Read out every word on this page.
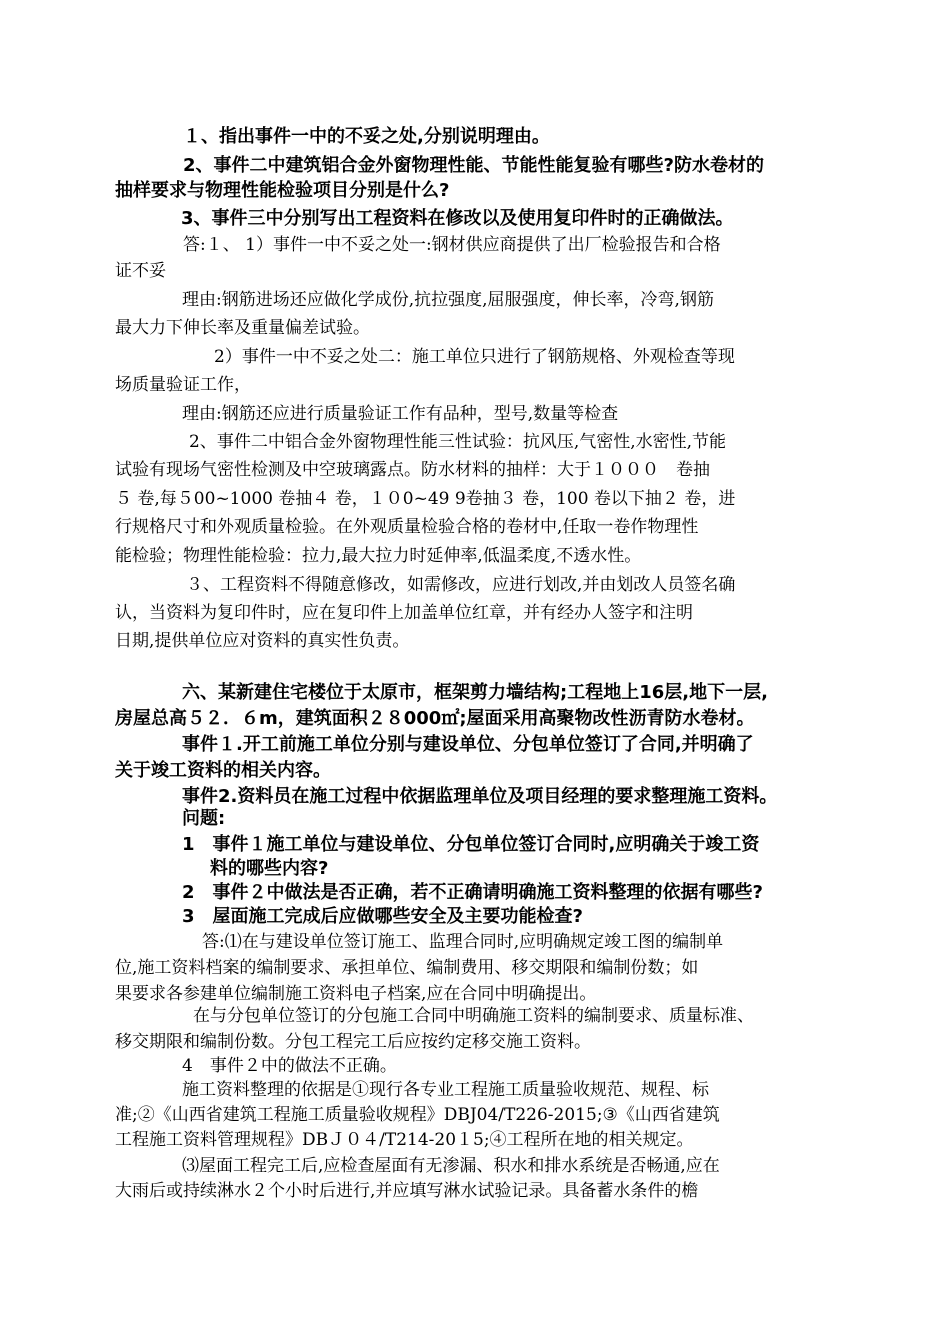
１、指出事件一中的不妥之处,分别说明理由。
2、事件二中建筑铝合金外窗物理性能、节能性能复验有哪些?防水卷材的
抽样要求与物理性能检验项目分别是什么?
3、事件三中分别写出工程资料在修改以及使用复印件时的正确做法。
答:１、 1）事件一中不妥之处一:钢材供应商提供了出厂检验报告和合格
证不妥
理由:钢筋进场还应做化学成份,抗拉强度,屈服强度，伸长率，冷弯,钢筋
最大力下伸长率及重量偏差试验。
2）事件一中不妥之处二：施工单位只进行了钢筋规格、外观检查等现
场质量验证工作，
理由:钢筋还应进行质量验证工作有品种，型号,数量等检查
2、事件二中铝合金外窗物理性能三性试验：抗风压,气密性,水密性,节能
试验有现场气密性检测及中空玻璃露点。防水材料的抽样：大于１０００　卷抽
５ 卷,每５00~1000 卷抽４ 卷，１０0~49 9卷抽３ 卷，100 卷以下抽２ 卷，进
行规格尺寸和外观质量检验。在外观质量检验合格的卷材中,任取一卷作物理性
能检验；物理性能检验：拉力,最大拉力时延伸率,低温柔度,不透水性。
３、工程资料不得随意修改，如需修改，应进行划改,并由划改人员签名确
认，当资料为复印件时，应在复印件上加盖单位红章，并有经办人签字和注明
日期,提供单位应对资料的真实性负责。
六、某新建住宅楼位于太原市，框架剪力墙结构;工程地上16层,地下一层,
房屋总高５２．６m，建筑面积２８000㎡;屋面采用高聚物改性沥青防水卷材。
事件１.开工前施工单位分别与建设单位、分包单位签订了合同,并明确了
关于竣工资料的相关内容。
事件2.资料员在施工过程中依据监理单位及项目经理的要求整理施工资料。
问题:
1　事件１施工单位与建设单位、分包单位签订合同时,应明确关于竣工资
料的哪些内容?
2　事件２中做法是否正确，若不正确请明确施工资料整理的依据有哪些?
3　屋面施工完成后应做哪些安全及主要功能检查?
答:⑴在与建设单位签订施工、监理合同时,应明确规定竣工图的编制单
位,施工资料档案的编制要求、承担单位、编制费用、移交期限和编制份数；如
果要求各参建单位编制施工资料电子档案,应在合同中明确提出。
在与分包单位签订的分包施工合同中明确施工资料的编制要求、质量标准、
移交期限和编制份数。分包工程完工后应按约定移交施工资料。
4　事件２中的做法不正确。
施工资料整理的依据是①现行各专业工程施工质量验收规范、规程、标
准;②《山西省建筑工程施工质量验收规程》DBJ04/T226-2015;③《山西省建筑
工程施工资料管理规程》DBＪ０４/T214-20１5;④工程所在地的相关规定。
⑶屋面工程完工后,应检查屋面有无渗漏、积水和排水系统是否畅通,应在
大雨后或持续淋水２个小时后进行,并应填写淋水试验记录。具备蓄水条件的檐
